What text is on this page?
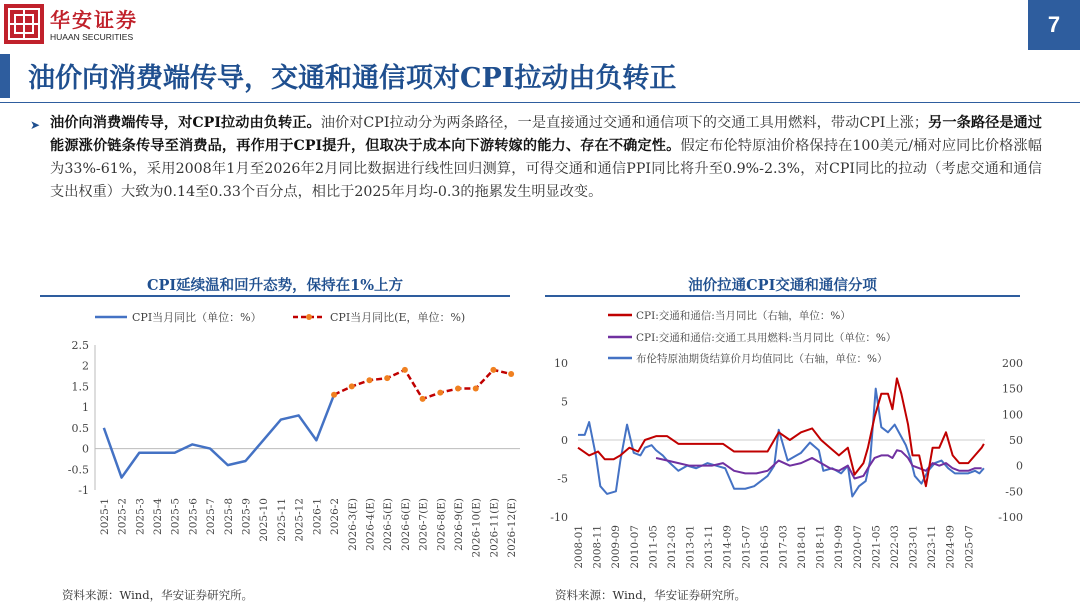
华安证券
HUAAN SECURITIES	7
油价向消费端传导，交通和通信项对CPI拉动由负转正
➤ 油价向消费端传导，对CPI拉动由负转正。油价对CPI拉动分为两条路径，一是直接通过交通和通信项下的交通工具用燃料，带动CPI上涨；另一条路径是通过能源涨价链条传导至消费品，再作用于CPI提升，但取决于成本向下游转嫁的能力、存在不确定性。假定布伦特原油价格保持在100美元/桶对应同比价格涨幅为33%-61%，采用2008年1月至2026年2月同比数据进行线性回归测算，可得交通和通信PPI同比将升至0.9%-2.3%，对CPI同比的拉动（考虑交通和通信支出权重）大致为0.14至0.33个百分点，相比于2025年月均-0.3的拖累发生明显改变。

CPI延续温和回升态势，保持在1%上方
CPI当月同比（单位：%）	CPI当月同比(E，单位：%)
-1
-0.5
0
0.5
1
1.5
2
2.5
2025-1 2025-2 2025-3 2025-4 2025-5 2025-6 2025-7 2025-8 2025-9 2025-10 2025-11 2025-12 2026-1 2026-2 2026-3(E) 2026-4(E) 2026-5(E) 2026-6(E) 2026-7(E) 2026-8(E) 2026-9(E) 2026-10(E) 2026-11(E) 2026-12(E)
资料来源：Wind，华安证券研究所。
油价拉通CPI交通和通信分项
CPI:交通和通信:当月同比（右轴，单位：%）
CPI:交通和通信:交通工具用燃料:当月同比（单位：%）
布伦特原油期货结算价月均值同比（右轴，单位：%）
10
5
0
-5
-10
200
150
100
50
0
-50
-100
2008-01 2008-11 2009-09 2010-07 2011-05 2012-03 2013-01 2013-11 2014-09 2015-07 2016-05 2017-03 2018-01 2018-11 2019-09 2020-07 2021-05 2022-03 2023-01 2023-11 2024-09 2025-07
资料来源：Wind，华安证券研究所。
